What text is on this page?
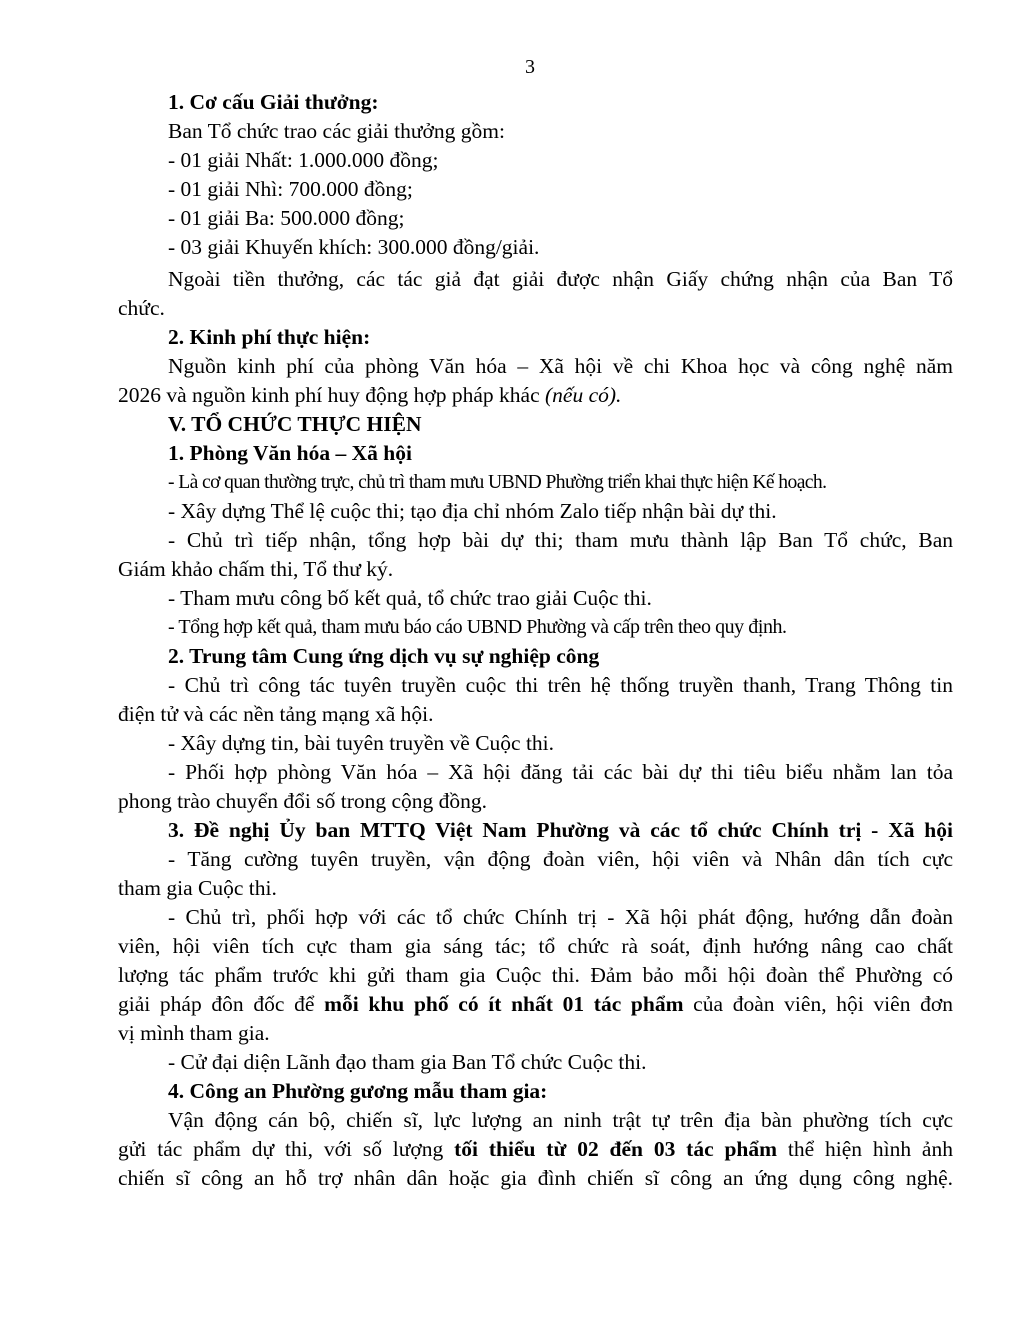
3
1. Cơ cấu Giải thưởng:
Ban Tổ chức trao các giải thưởng gồm:
- 01 giải Nhất: 1.000.000 đồng;
- 01 giải Nhì: 700.000 đồng;
- 01 giải Ba: 500.000 đồng;
- 03 giải Khuyến khích: 300.000 đồng/giải.
Ngoài tiền thưởng, các tác giả đạt giải được nhận Giấy chứng nhận của Ban Tổ
chức.
2. Kinh phí thực hiện:
Nguồn kinh phí của phòng Văn hóa – Xã hội về chi Khoa học và công nghệ năm
2026 và nguồn kinh phí huy động hợp pháp khác (nếu có).
V. TỔ CHỨC THỰC HIỆN
1. Phòng Văn hóa – Xã hội
- Là cơ quan thường trực, chủ trì tham mưu UBND Phường triển khai thực hiện Kế hoạch.
- Xây dựng Thể lệ cuộc thi; tạo địa chỉ nhóm Zalo tiếp nhận bài dự thi.
- Chủ trì tiếp nhận, tổng hợp bài dự thi; tham mưu thành lập Ban Tổ chức, Ban
Giám khảo chấm thi, Tổ thư ký.
- Tham mưu công bố kết quả, tổ chức trao giải Cuộc thi.
- Tổng hợp kết quả, tham mưu báo cáo UBND Phường và cấp trên theo quy định.
2. Trung tâm Cung ứng dịch vụ sự nghiệp công
- Chủ trì công tác tuyên truyền cuộc thi trên hệ thống truyền thanh, Trang Thông tin
điện tử và các nền tảng mạng xã hội.
- Xây dựng tin, bài tuyên truyền về Cuộc thi.
- Phối hợp phòng Văn hóa – Xã hội đăng tải các bài dự thi tiêu biểu nhằm lan tỏa
phong trào chuyển đổi số trong cộng đồng.
3. Đề nghị Ủy ban MTTQ Việt Nam Phường và các tổ chức Chính trị - Xã hội
- Tăng cường tuyên truyền, vận động đoàn viên, hội viên và Nhân dân tích cực
tham gia Cuộc thi.
- Chủ trì, phối hợp với các tổ chức Chính trị - Xã hội phát động, hướng dẫn đoàn
viên, hội viên tích cực tham gia sáng tác; tổ chức rà soát, định hướng nâng cao chất
lượng tác phẩm trước khi gửi tham gia Cuộc thi. Đảm bảo mỗi hội đoàn thể Phường có
giải pháp đôn đốc để mỗi khu phố có ít nhất 01 tác phẩm của đoàn viên, hội viên đơn
vị mình tham gia.
- Cử đại diện Lãnh đạo tham gia Ban Tổ chức Cuộc thi.
4. Công an Phường gương mẫu tham gia:
Vận động cán bộ, chiến sĩ, lực lượng an ninh trật tự trên địa bàn phường tích cực
gửi tác phẩm dự thi, với số lượng tối thiểu từ 02 đến 03 tác phẩm thể hiện hình ảnh
chiến sĩ công an hỗ trợ nhân dân hoặc gia đình chiến sĩ công an ứng dụng công nghệ.
